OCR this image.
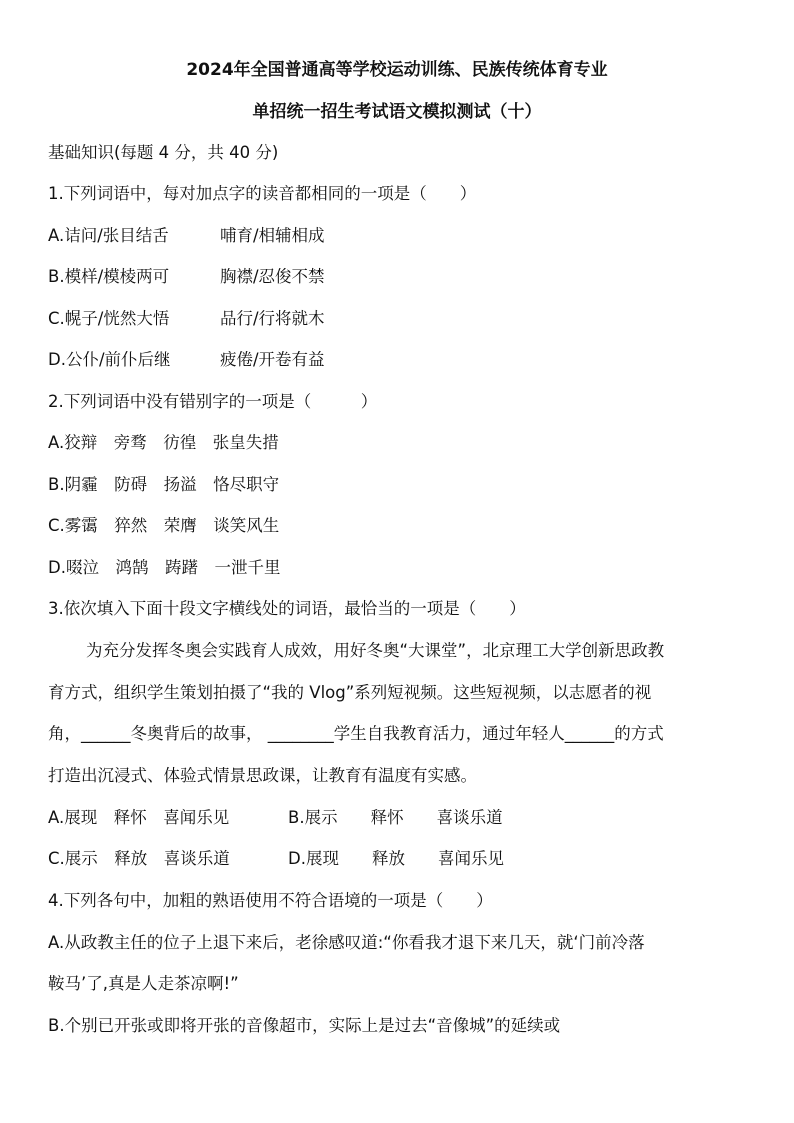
2024年全国普通高等学校运动训练、民族传统体育专业
单招统一招生考试语文模拟测试（十）
基础知识(每题 4 分，共 40 分)
1.下列词语中，每对加点字的读音都相同的一项是（　　）
A.诘问/张目结舌	哺育/相辅相成
B.模样/模棱两可	胸襟/忍俊不禁
C.幌子/恍然大悟	品行/行将就木
D.公仆/前仆后继	疲倦/开卷有益
2.下列词语中没有错别字的一项是（　　　）
A.狡辩　旁骛　彷徨　张皇失措
B.阴霾　防碍　扬溢　恪尽职守
C.雾霭　猝然　荣膺　谈笑风生
D.啜泣　鸿鹄　踌躇　一泄千里
3.依次填入下面十段文字横线处的词语，最恰当的一项是（　　）
为充分发挥冬奥会实践育人成效，用好冬奥“大课堂”，北京理工大学创新思政教
育方式，组织学生策划拍摄了“我的 Vlog”系列短视频。这些短视频，以志愿者的视
角，______冬奥背后的故事， ________学生自我教育活力，通过年轻人______的方式
打造出沉浸式、体验式情景思政课，让教育有温度有实感。
A.展现　释怀　喜闻乐见	B.展示　　释怀　　喜谈乐道
C.展示　释放　喜谈乐道	D.展现　　释放　　喜闻乐见
4.下列各句中，加粗的熟语使用不符合语境的一项是（　　）
A.从政教主任的位子上退下来后，老徐感叹道:“你看我才退下来几天，就‘门前冷落
鞍马’了,真是人走茶凉啊!”
B.个别已开张或即将开张的音像超市，实际上是过去“音像城”的延续或
